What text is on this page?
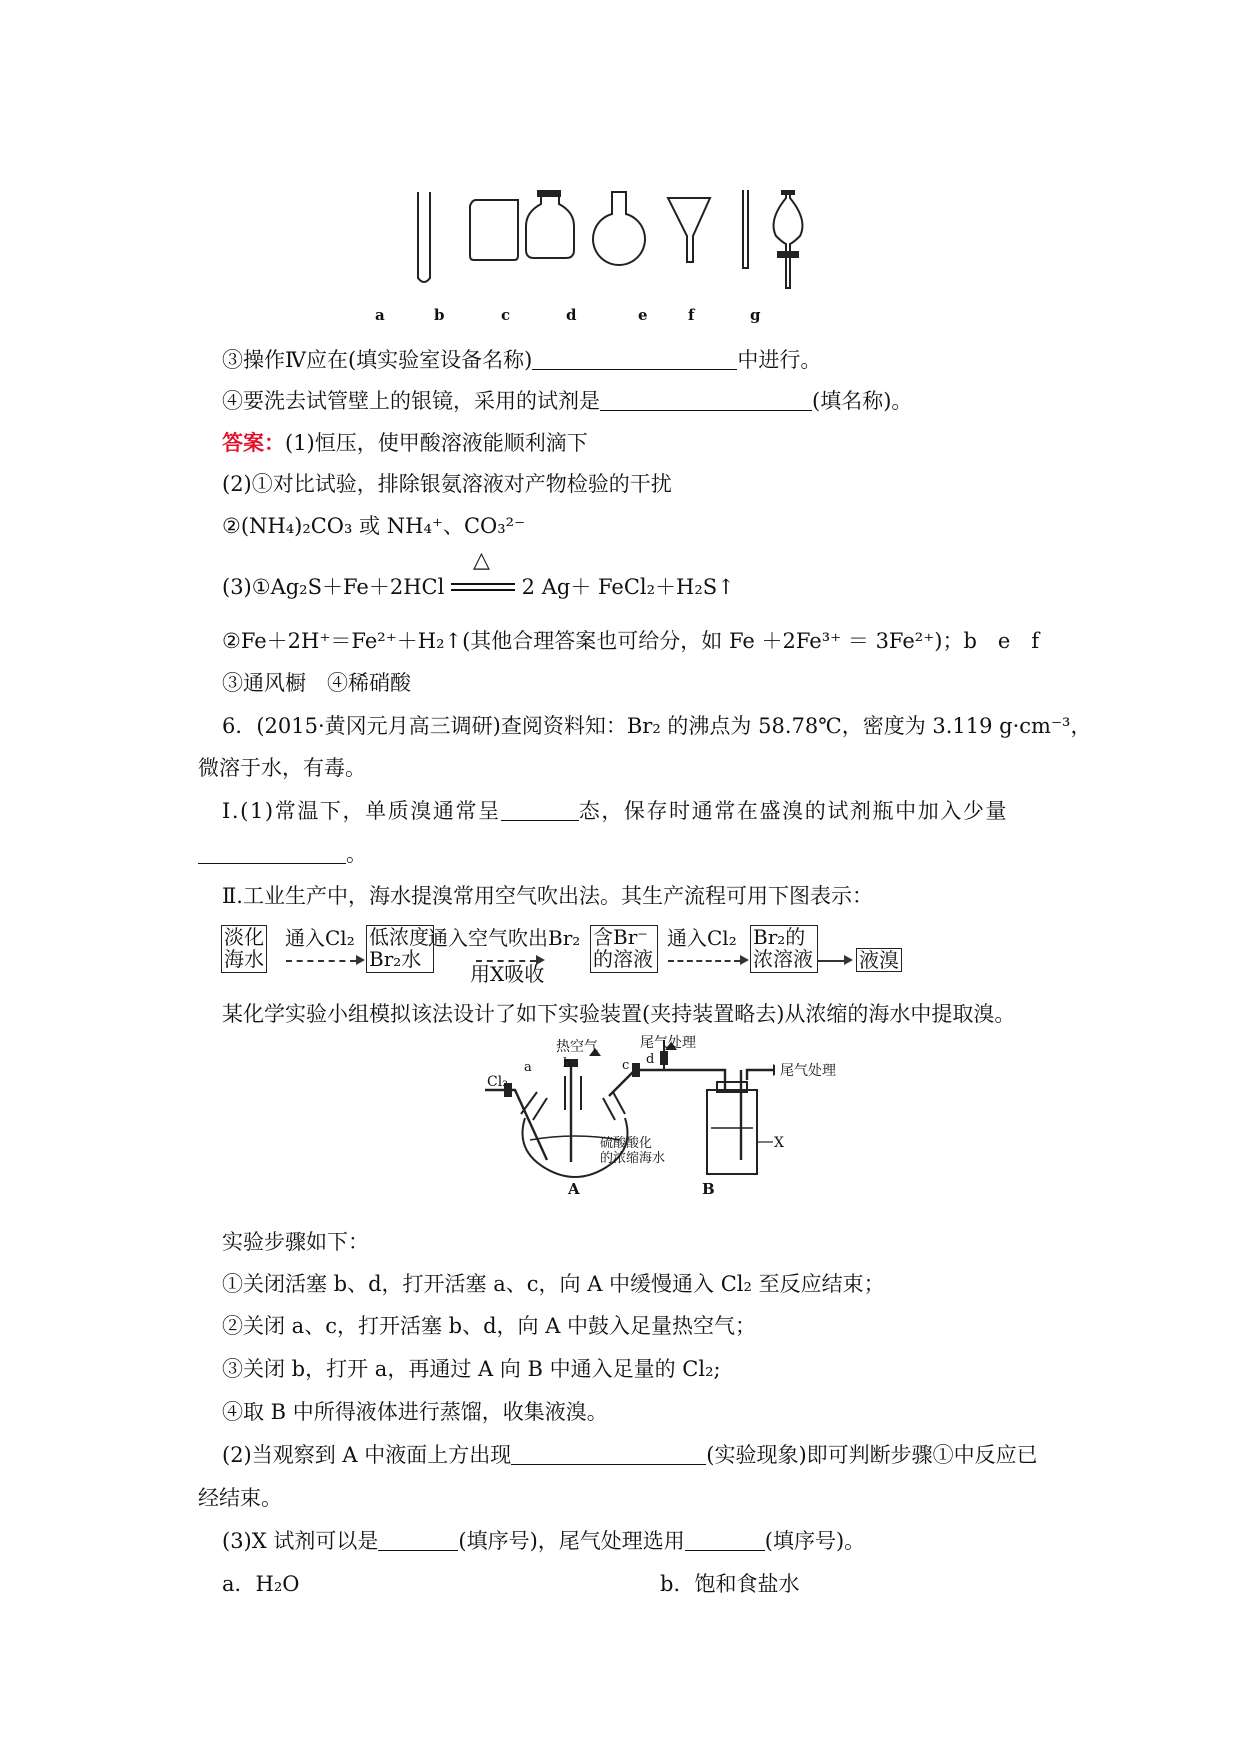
a	b	c	d	e	f	g
③操作Ⅳ应在(填实验室设备名称)	中进行。
④要洗去试管壁上的银镜，采用的试剂是	(填名称)。
答案：(1)恒压，使甲酸溶液能顺利滴下
(2)①对比试验，排除银氨溶液对产物检验的干扰
②(NH₄)₂CO₃ 或 NH₄⁺、CO₃²⁻
(3)①Ag₂S＋Fe＋2HCl
△
2 Ag＋ FeCl₂＋H₂S↑
②Fe＋2H⁺＝Fe²⁺＋H₂↑(其他合理答案也可给分，如 Fe ＋2Fe³⁺ ＝ 3Fe²⁺)；b　e　f
③通风橱　④稀硝酸
6．(2015·黄冈元月高三调研)查阅资料知：Br₂ 的沸点为 58.78℃，密度为 3.119 g·cm⁻³，
微溶于水，有毒。
Ⅰ.(1)常温下，单质溴通常呈	态，保存时通常在盛溴的试剂瓶中加入少量
。
Ⅱ.工业生产中，海水提溴常用空气吹出法。其生产流程可用下图表示：
淡化
海水
通入Cl₂ 低浓度
Br₂水
通入空气吹出Br₂
用X吸收
含Br⁻
的溶液
通入Cl₂ Br₂的
浓溶液 液溴
某化学实验小组模拟该法设计了如下实验装置(夹持装置略去)从浓缩的海水中提取溴。
热空气	尾气处理
尾气处理
Cl₂
a b	c d
硫酸酸化
的浓缩海水
A	B
X
实验步骤如下：
①关闭活塞 b、d，打开活塞 a、c，向 A 中缓慢通入 Cl₂ 至反应结束；
②关闭 a、c，打开活塞 b、d，向 A 中鼓入足量热空气；
③关闭 b，打开 a，再通过 A 向 B 中通入足量的 Cl₂;
④取 B 中所得液体进行蒸馏，收集液溴。
(2)当观察到 A 中液面上方出现	(实验现象)即可判断步骤①中反应已
经结束。
(3)X 试剂可以是	(填序号)，尾气处理选用	(填序号)。
a．H₂O	b．饱和食盐水
